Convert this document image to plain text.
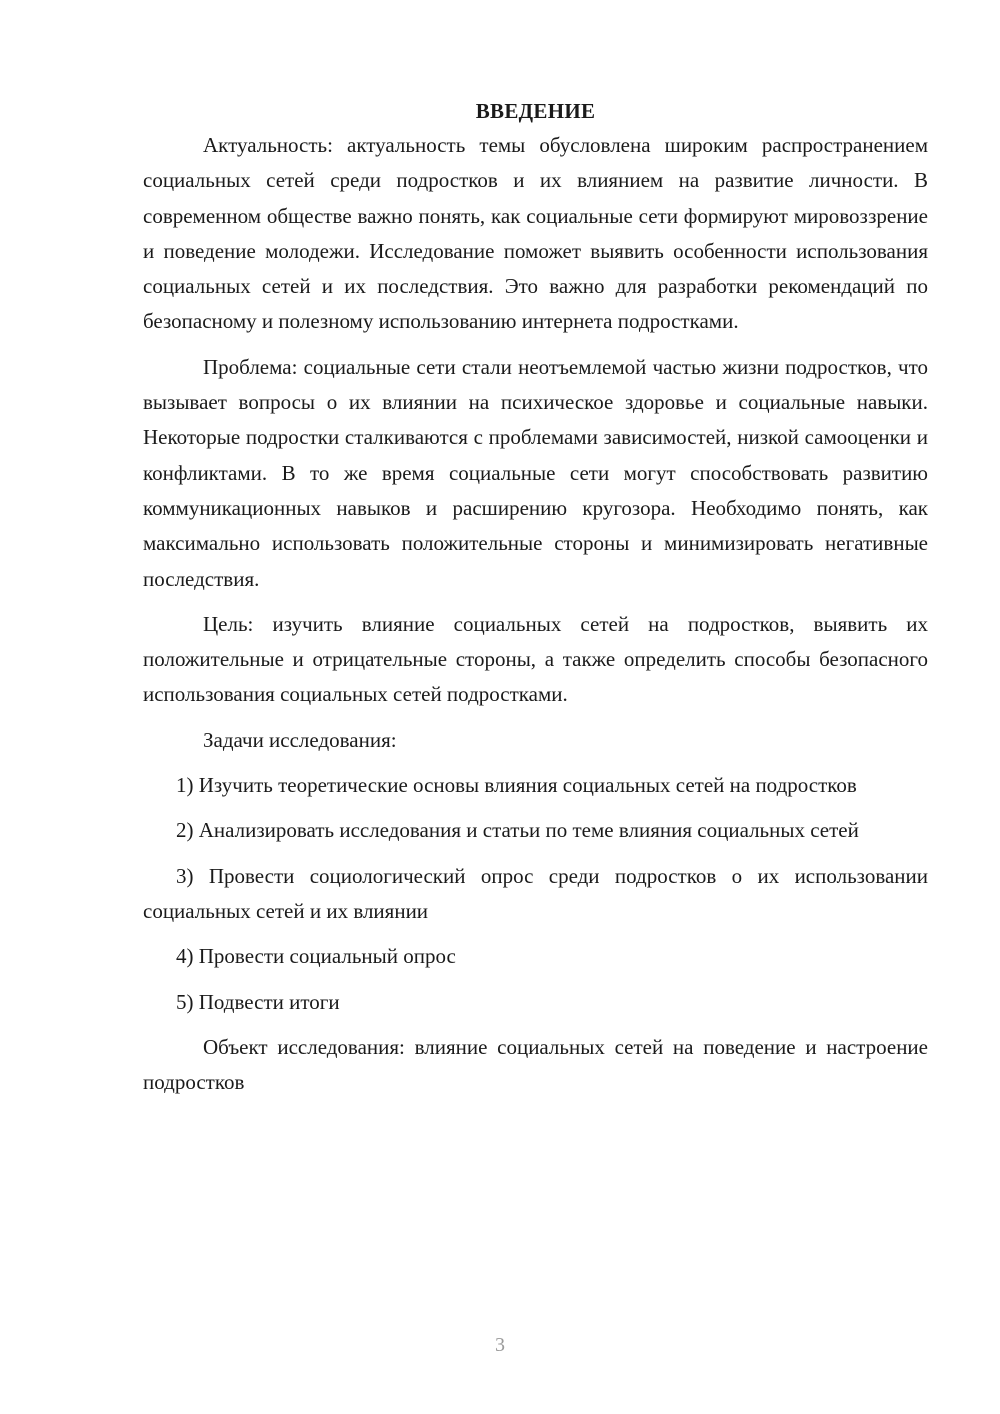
ВВЕДЕНИЕ

Актуальность: актуальность темы обусловлена широким распространением социальных сетей среди подростков и их влиянием на развитие личности. В современном обществе важно понять, как социальные сети формируют мировоззрение и поведение молодежи. Исследование поможет выявить особенности использования социальных сетей и их последствия. Это важно для разработки рекомендаций по безопасному и полезному использованию интернета подростками.

Проблема: социальные сети стали неотъемлемой частью жизни подростков, что вызывает вопросы о их влиянии на психическое здоровье и социальные навыки. Некоторые подростки сталкиваются с проблемами зависимостей, низкой самооценки и конфликтами. В то же время социальные сети могут способствовать развитию коммуникационных навыков и расширению кругозора. Необходимо понять, как максимально использовать положительные стороны и минимизировать негативные последствия.

Цель: изучить влияние социальных сетей на подростков, выявить их положительные и отрицательные стороны, а также определить способы безопасного использования социальных сетей подростками.

Задачи исследования:

1) Изучить теоретические основы влияния социальных сетей на подростков

2) Анализировать исследования и статьи по теме влияния социальных сетей

3) Провести социологический опрос среди подростков о их использовании социальных сетей и их влиянии

4) Провести социальный опрос

5) Подвести итоги

Объект исследования: влияние социальных сетей на поведение и настроение подростков

3
